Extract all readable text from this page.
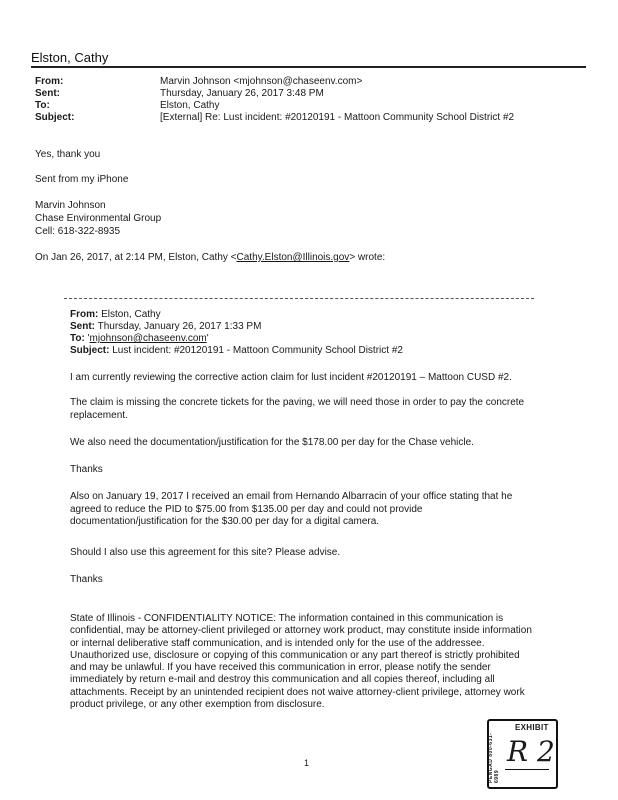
Elston, Cathy
From:	Marvin Johnson <mjohnson@chaseenv.com>
Sent:	Thursday, January 26, 2017 3:48 PM
To:	Elston, Cathy
Subject:	[External] Re: Lust incident: #20120191 - Mattoon Community School District #2
Yes, thank you
Sent from my iPhone
Marvin Johnson
Chase Environmental Group
Cell: 618-322-8935
On Jan 26, 2017, at 2:14 PM, Elston, Cathy <Cathy.Elston@Illinois.gov> wrote:
From: Elston, Cathy
Sent: Thursday, January 26, 2017 1:33 PM
To: 'mjohnson@chaseenv.com'
Subject: Lust incident: #20120191 - Mattoon Community School District #2

I am currently reviewing the corrective action claim for lust incident #20120191 – Mattoon CUSD #2.

The claim is missing the concrete tickets for the paving, we will need those in order to pay the concrete

replacement.

We also need the documentation/justification for the $178.00 per day for the Chase vehicle.

Thanks

Also on January 19, 2017 I received an email from Hernando Albarracin of your office stating that he

agreed to reduce the PID to $75.00 from $135.00 per day and could not provide

documentation/justification for the $30.00 per day for a digital camera.

Should I also use this agreement for this site? Please advise.

Thanks

State of Illinois - CONFIDENTIALITY NOTICE: The information contained in this communication is

confidential, may be attorney-client privileged or attorney work product, may constitute inside information

or internal deliberative staff communication, and is intended only for the use of the addressee.

Unauthorized use, disclosure or copying of this communication or any part thereof is strictly prohibited

and may be unlawful. If you have received this communication in error, please notify the sender

immediately by return e-mail and destroy this communication and all copies thereof, including all

attachments. Receipt by an unintended recipient does not waive attorney-client privilege, attorney work

product privilege, or any other exemption from disclosure.

1	PENGAD 800-631-6989
EXHIBIT
R 2
